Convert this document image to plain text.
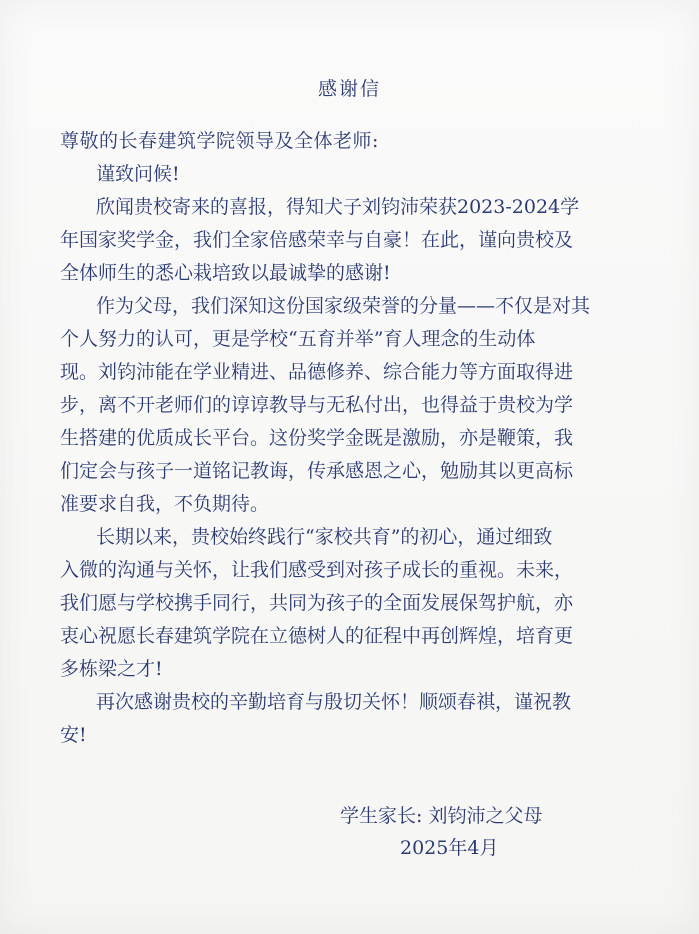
感谢信
尊敬的长春建筑学院领导及全体老师:
谨致问候!
欣闻贵校寄来的喜报，得知犬子刘钧沛荣获2023-2024学
年国家奖学金，我们全家倍感荣幸与自豪！在此，谨向贵校及
全体师生的悉心栽培致以最诚挚的感谢!
作为父母，我们深知这份国家级荣誉的分量——不仅是对其
个人努力的认可，更是学校“五育并举”育人理念的生动体
现。刘钧沛能在学业精进、品德修养、综合能力等方面取得进
步，离不开老师们的谆谆教导与无私付出，也得益于贵校为学
生搭建的优质成长平台。这份奖学金既是激励，亦是鞭策，我
们定会与孩子一道铭记教诲，传承感恩之心，勉励其以更高标
准要求自我，不负期待。
长期以来，贵校始终践行“家校共育”的初心，通过细致
入微的沟通与关怀，让我们感受到对孩子成长的重视。未来，
我们愿与学校携手同行，共同为孩子的全面发展保驾护航，亦
衷心祝愿长春建筑学院在立德树人的征程中再创辉煌，培育更
多栋梁之才!
再次感谢贵校的辛勤培育与殷切关怀！顺颂春祺，谨祝教
安!
学生家长: 刘钧沛之父母
2025年4月
